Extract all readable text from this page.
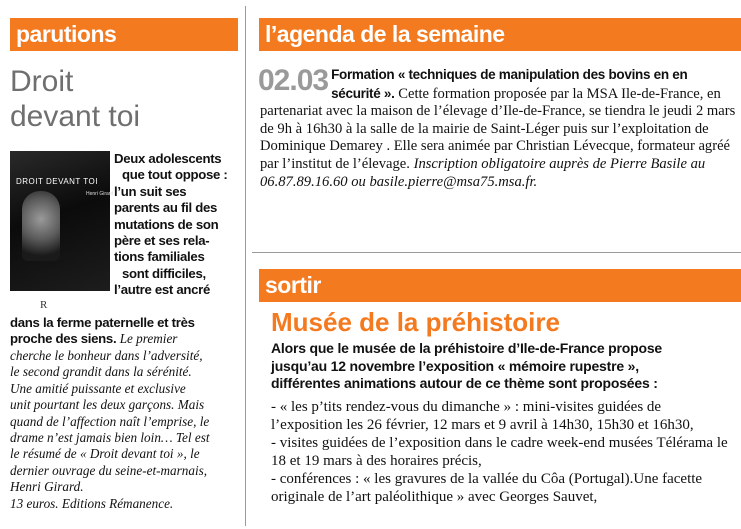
parutions
Droit
devant toi
DROIT DEVANT TOI
Henri Girard
R
Deux adolescents
que tout oppose :
l’un suit ses
parents au fil des
mutations de son
père et ses rela-
tions familiales
sont difficiles,
l’autre est ancré
dans la ferme paternelle et très
proche des siens. Le premier
cherche le bonheur dans l’adversité,
le second grandit dans la sérénité.
Une amitié puissante et exclusive
unit pourtant les deux garçons. Mais
quand de l’affection naît l’emprise, le
drame n’est jamais bien loin… Tel est
le résumé de « Droit devant toi », le
dernier ouvrage du seine-et-marnais,
Henri Girard.
13 euros. Editions Rémanence.
l’agenda de la semaine
02.03 Formation « techniques de manipulation des bovins en en sécurité ». Cette formation proposée par la MSA Ile-de-France, en partenariat avec la maison de l’élevage d’Ile-de-France, se tiendra le jeudi 2 mars de 9h à 16h30 à la salle de la mairie de Saint-Léger puis sur l’exploitation de Dominique Demarey . Elle sera animée par Christian Lévecque, formateur agréé par l’institut de l’élevage. Inscription obligatoire auprès de Pierre Basile au 06.87.89.16.60 ou basile.pierre@msa75.msa.fr.
sortir
Musée de la préhistoire
Alors que le musée de la préhistoire d’Ile-de-France propose
jusqu’au 12 novembre l’exposition « mémoire rupestre »,
différentes animations autour de ce thème sont proposées :

- « les p’tits rendez-vous du dimanche » : mini-visites guidées de l’exposition les 26 février, 12 mars et 9 avril à 14h30, 15h30 et 16h30,

- visites guidées de l’exposition dans le cadre week-end musées Télérama le 18 et 19 mars à des horaires précis,

- conférences : « les gravures de la vallée du Côa (Portugal).Une facette originale de l’art paléolithique » avec Georges Sauvet,
